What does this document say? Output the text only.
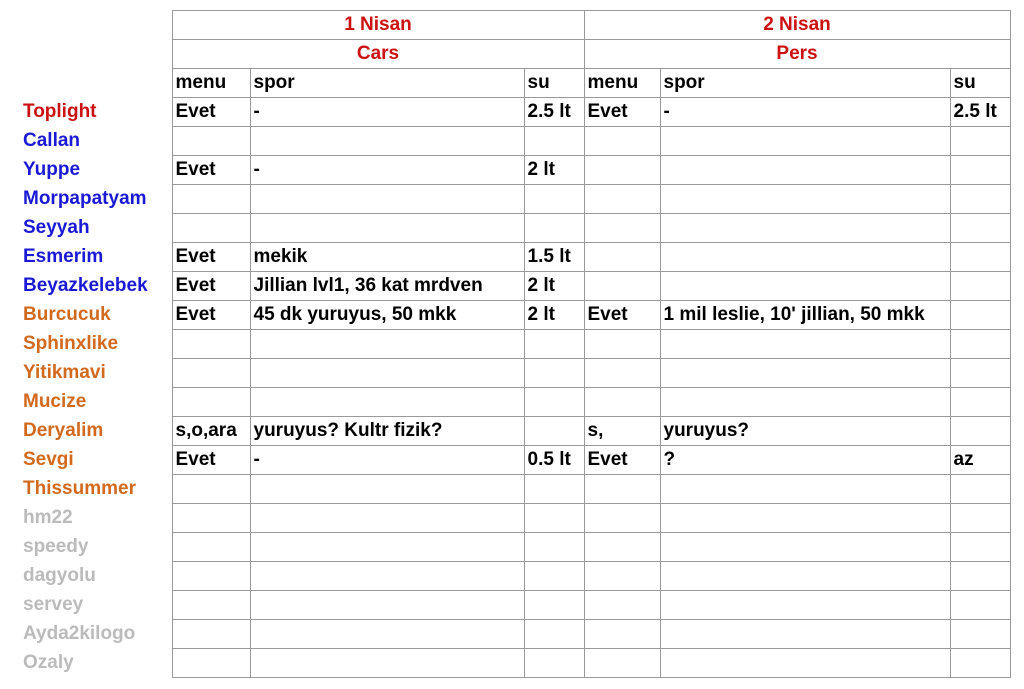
	1 Nisan			2 Nisan		
	Cars			Pers		
	menu	spor	su	menu	spor	su
Toplight	Evet	-	2.5 lt	Evet	-	2.5 lt
Callan						
Yuppe	Evet	-	2 lt			
Morpapatyam						
Seyyah						
Esmerim	Evet	mekik	1.5 lt			
Beyazkelebek	Evet	Jillian lvl1, 36 kat mrdven	2 lt			
Burcucuk	Evet	45 dk yuruyus, 50 mkk	2 lt	Evet	1 mil leslie, 10' jillian, 50 mkk	
Sphinxlike						
Yitikmavi						
Mucize						
Deryalim	s,o,ara	yuruyus? Kultr fizik?		s,	yuruyus?	
Sevgi	Evet	-	0.5 lt	Evet	?	az
Thissummer						
hm22						
speedy						
dagyolu						
servey						
Ayda2kilogo						
Ozaly						
